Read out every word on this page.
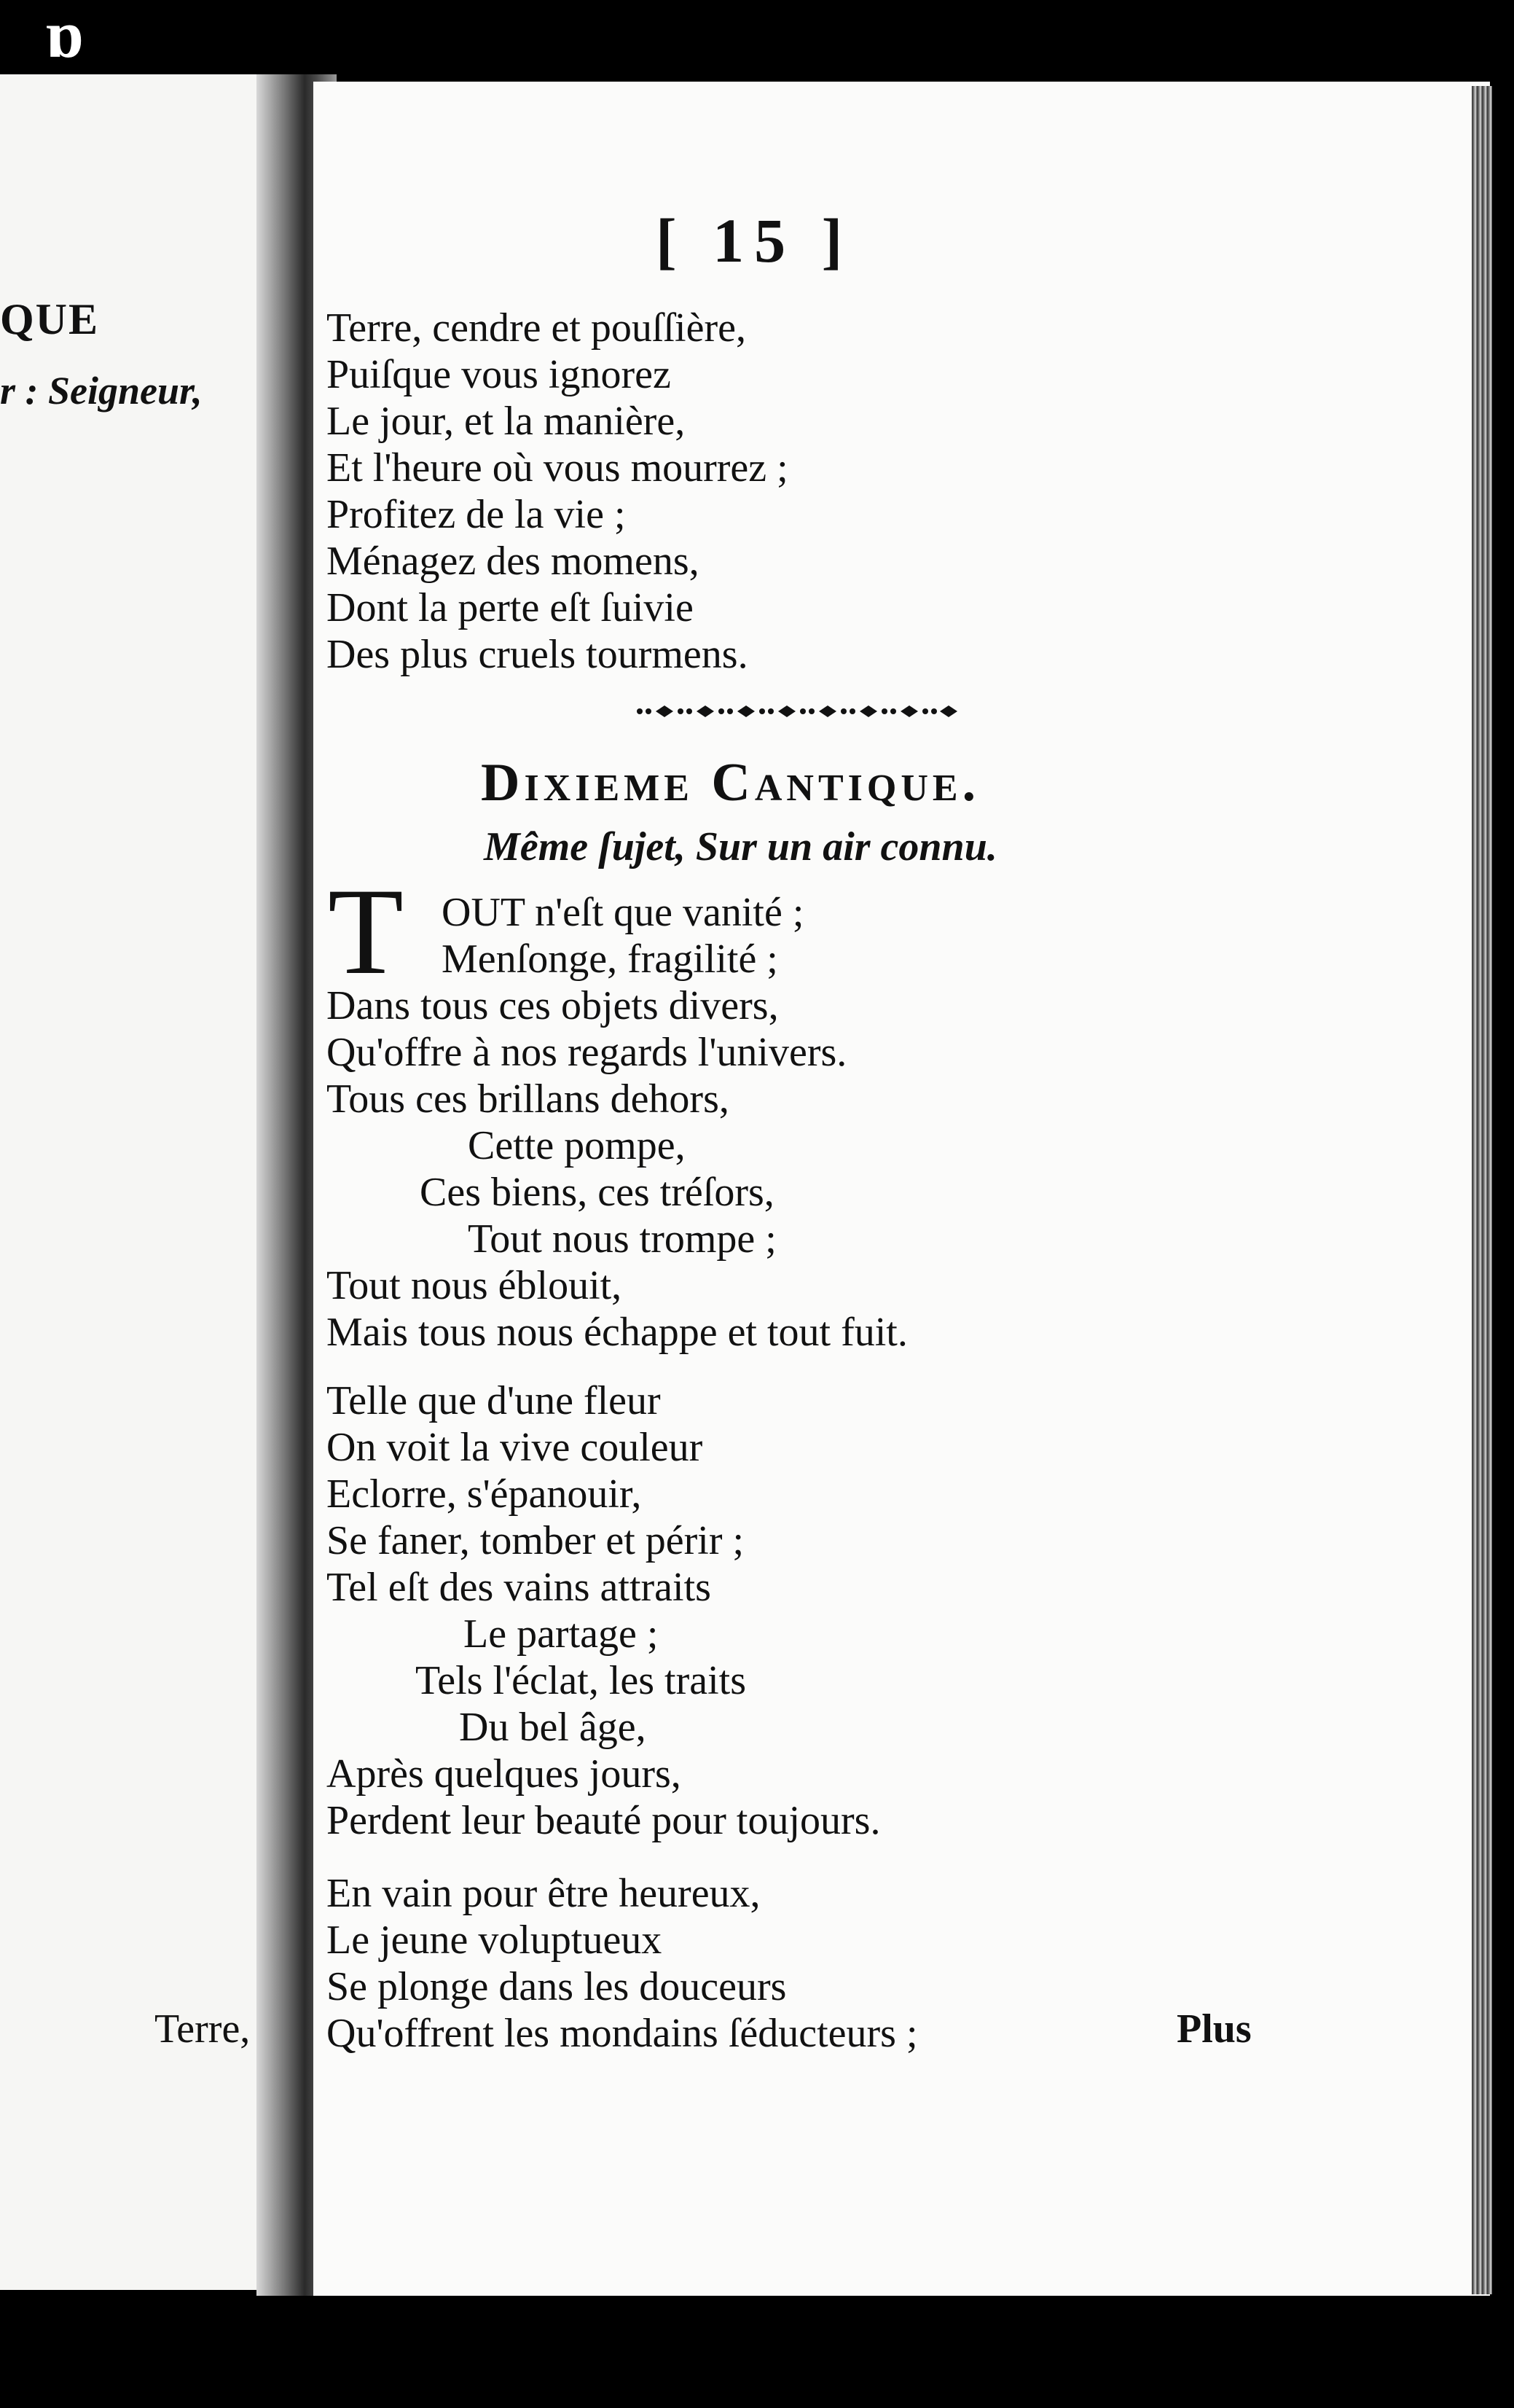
ɒ
QUE
r : Seigneur,
Terre,
[ 15 ]
Terre, cendre et pouſſière,
Puiſque vous ignorez
Le jour, et la manière,
Et l'heure où vous mourrez ;
Profitez de la vie ;
Ménagez des momens,
Dont la perte eſt ſuivie
Des plus cruels tourmens.
Dixieme Cantique.
Même ſujet, Sur un air connu.
T OUT n'eſt que vanité ;
Menſonge, fragilité ;
Dans tous ces objets divers,
Qu'offre à nos regards l'univers.
Tous ces brillans dehors,
Cette pompe,
Ces biens, ces tréſors,
Tout nous trompe ;
Tout nous éblouit,
Mais tous nous échappe et tout fuit.
Telle que d'une fleur
On voit la vive couleur
Eclorre, s'épanouir,
Se faner, tomber et périr ;
Tel eſt des vains attraits
Le partage ;
Tels l'éclat, les traits
Du bel âge,
Après quelques jours,
Perdent leur beauté pour toujours.
En vain pour être heureux,
Le jeune voluptueux
Se plonge dans les douceurs
Qu'offrent les mondains ſéducteurs ;	Plus
